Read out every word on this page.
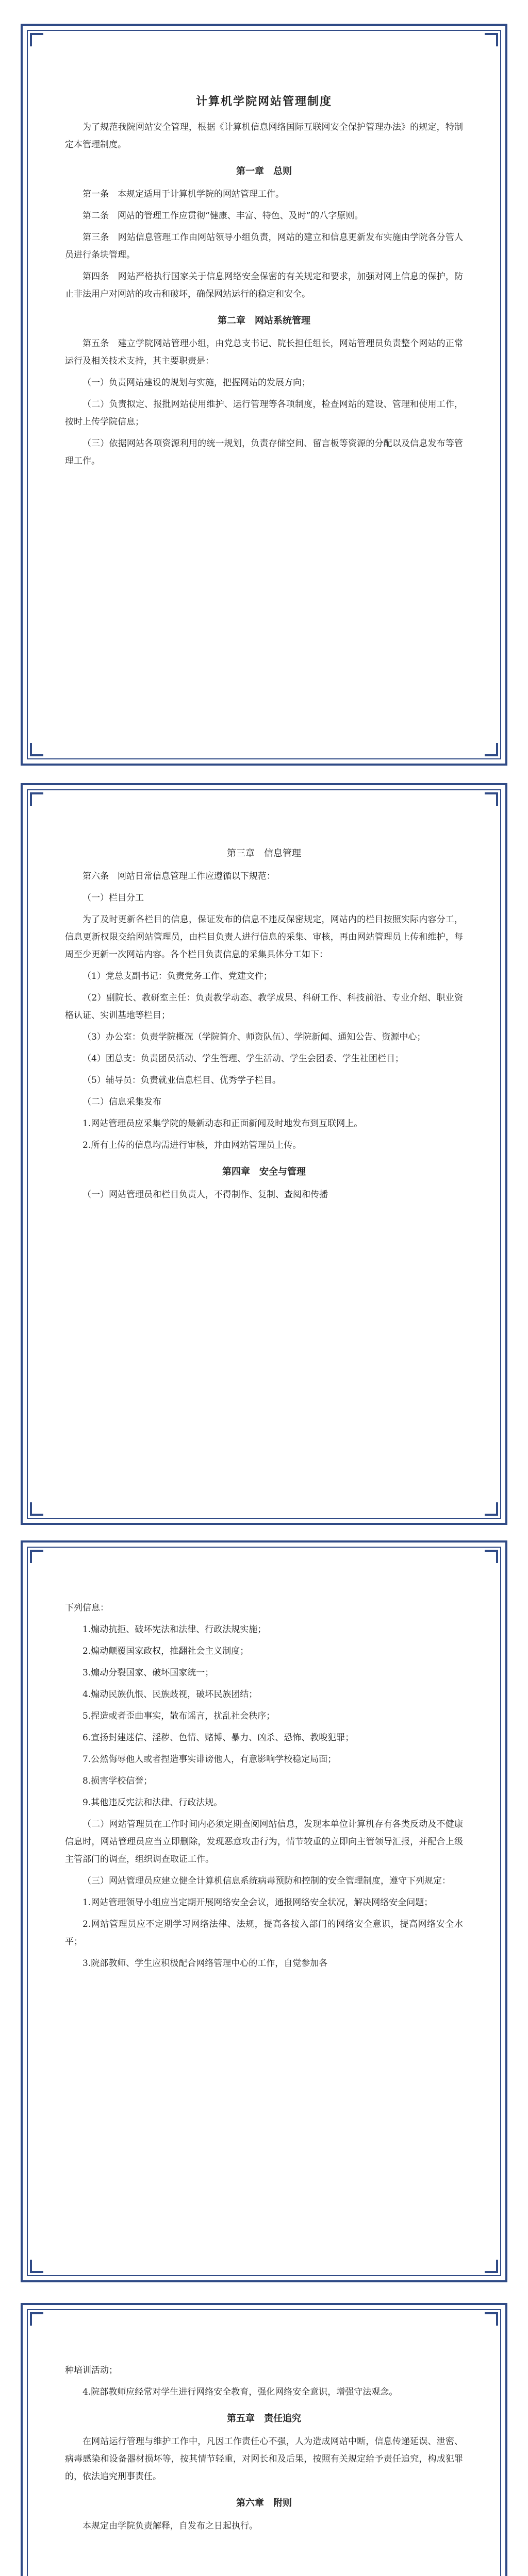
计算机学院网站管理制度

为了规范我院网站安全管理，根据《计算机信息网络国际互联网安全保护管理办法》的规定，特制定本管理制度。

第一章　总则

第一条　本规定适用于计算机学院的网站管理工作。

第二条　网站的管理工作应贯彻“健康、丰富、特色、及时”的八字原则。

第三条　网站信息管理工作由网站领导小组负责，网站的建立和信息更新发布实施由学院各分管人员进行条块管理。

第四条　网站严格执行国家关于信息网络安全保密的有关规定和要求，加强对网上信息的保护，防止非法用户对网站的攻击和破坏，确保网站运行的稳定和安全。

第二章　网站系统管理

第五条　建立学院网站管理小组，由党总支书记、院长担任组长，网站管理员负责整个网站的正常运行及相关技术支持，其主要职责是：

（一）负责网站建设的规划与实施，把握网站的发展方向；

（二）负责拟定、报批网站使用维护、运行管理等各项制度，检查网站的建设、管理和使用工作，按时上传学院信息；

（三）依据网站各项资源利用的统一规划，负责存储空间、留言板等资源的分配以及信息发布等管理工作。

第三章　信息管理

第六条　网站日常信息管理工作应遵循以下规范：

（一）栏目分工

为了及时更新各栏目的信息，保证发布的信息不违反保密规定，网站内的栏目按照实际内容分工，信息更新权限交给网站管理员，由栏目负责人进行信息的采集、审核，再由网站管理员上传和维护，每周至少更新一次网站内容。各个栏目负责信息的采集具体分工如下：

（1）党总支副书记：负责党务工作、党建文件；

（2）副院长、教研室主任：负责教学动态、教学成果、科研工作、科技前沿、专业介绍、职业资格认证、实训基地等栏目；

（3）办公室：负责学院概况（学院简介、师资队伍）、学院新闻、通知公告、资源中心；

（4）团总支：负责团员活动、学生管理、学生活动、学生会团委、学生社团栏目；

（5）辅导员：负责就业信息栏目、优秀学子栏目。

（二）信息采集发布

1.网站管理员应采集学院的最新动态和正面新闻及时地发布到互联网上。

2.所有上传的信息均需进行审核，并由网站管理员上传。

第四章　安全与管理

（一）网站管理员和栏目负责人，不得制作、复制、查阅和传播

下列信息：

1.煽动抗拒、破坏宪法和法律、行政法规实施；

2.煽动颠覆国家政权，推翻社会主义制度；

3.煽动分裂国家、破坏国家统一；

4.煽动民族仇恨、民族歧视，破坏民族团结；

5.捏造或者歪曲事实，散布谣言，扰乱社会秩序；

6.宣扬封建迷信、淫秽、色情、赌博、暴力、凶杀、恐怖、教唆犯罪；

7.公然侮辱他人或者捏造事实诽谤他人，有意影响学校稳定局面；

8.损害学校信誉；

9.其他违反宪法和法律、行政法规。

（二）网站管理员在工作时间内必须定期查阅网站信息，发现本单位计算机存有各类反动及不健康信息时，网站管理员应当立即删除，发现恶意攻击行为，情节较重的立即向主管领导汇报，并配合上级主管部门的调查，组织调查取证工作。

（三）网站管理员应建立健全计算机信息系统病毒预防和控制的安全管理制度，遵守下列规定：

1.网站管理领导小组应当定期开展网络安全会议，通报网络安全状况，解决网络安全问题；

2.网站管理员应不定期学习网络法律、法规，提高各接入部门的网络安全意识，提高网络安全水平；

3.院部教师、学生应积极配合网络管理中心的工作，自觉参加各

种培训活动；

4.院部教师应经常对学生进行网络安全教育，强化网络安全意识，增强守法观念。

第五章　责任追究

在网站运行管理与维护工作中，凡因工作责任心不强，人为造成网站中断，信息传递延误、泄密、病毒感染和设备器材损坏等，按其情节轻重，对网长和及后果，按照有关规定给予责任追究，构成犯罪的，依法追究刑事责任。

第六章　附则

本规定由学院负责解释，自发布之日起执行。
